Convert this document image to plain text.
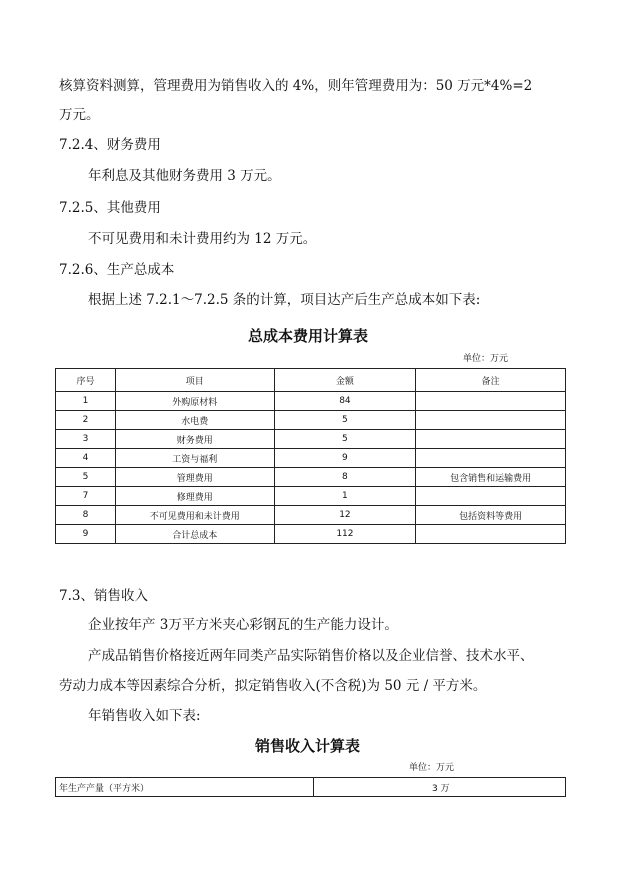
核算资料测算，管理费用为销售收入的 4%，则年管理费用为：50 万元*4%=2
万元。
7.2.4、财务费用
年利息及其他财务费用 3 万元。
7.2.5、其他费用
不可见费用和未计费用约为 12 万元。
7.2.6、生产总成本
根据上述 7.2.1～7.2.5 条的计算，项目达产后生产总成本如下表:
总成本费用计算表
单位：万元
序号	项目	金额	备注
1	外购原材料	84	
2	水电费	5	
3	财务费用	5	
4	工资与福利	9	
5	管理费用	8	包含销售和运输费用
7	修理费用	1	
8	不可见费用和未计费用	12	包括资料等费用
9	合计总成本	112	
7.3、销售收入
企业按年产 3万平方米夹心彩钢瓦的生产能力设计。
产成品销售价格接近两年同类产品实际销售价格以及企业信誉、技术水平、
劳动力成本等因素综合分析，拟定销售收入(不含税)为 50 元 / 平方米。
年销售收入如下表:
销售收入计算表
单位：万元
年生产产量（平方米）	3 万
